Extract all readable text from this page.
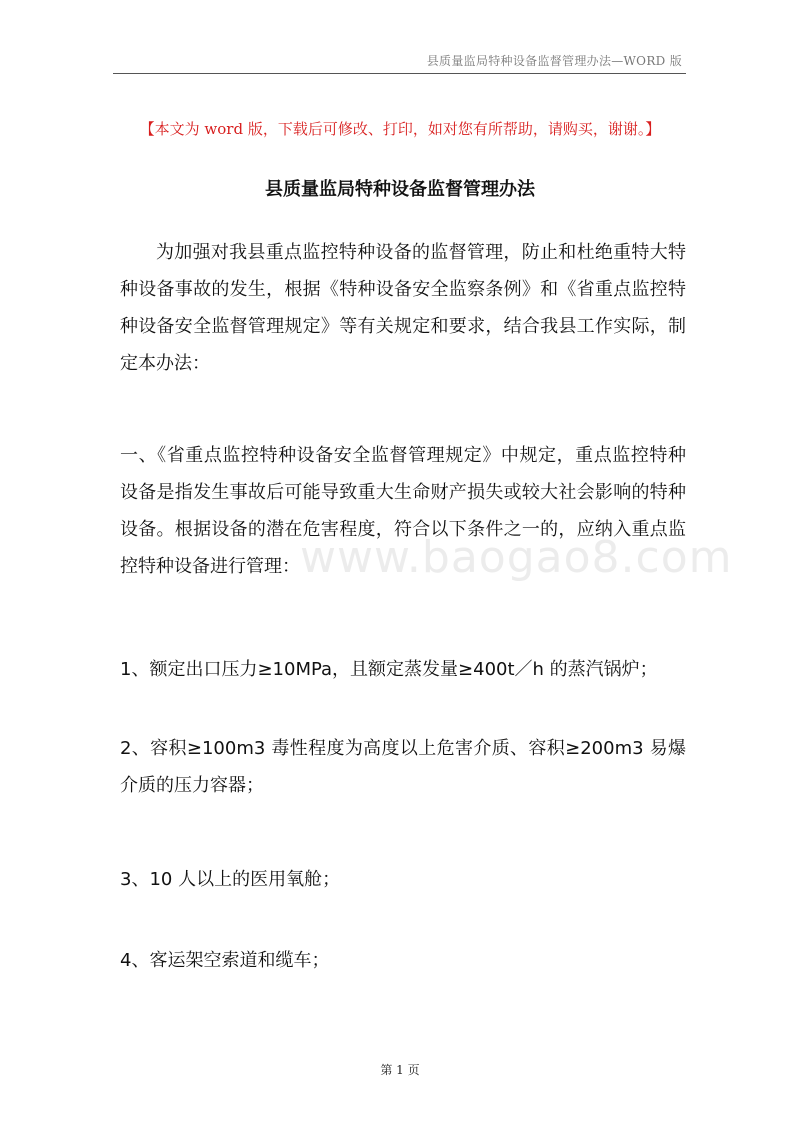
县质量监局特种设备监督管理办法—WORD 版
【本文为 word 版，下载后可修改、打印，如对您有所帮助，请购买，谢谢。】
县质量监局特种设备监督管理办法

为加强对我县重点监控特种设备的监督管理，防止和杜绝重特大特种设备事故的发生，根据《特种设备安全监察条例》和《省重点监控特种设备安全监督管理规定》等有关规定和要求，结合我县工作实际，制定本办法：

www.baogao8.com

一、《省重点监控特种设备安全监督管理规定》中规定，重点监控特种设备是指发生事故后可能导致重大生命财产损失或较大社会影响的特种设备。根据设备的潜在危害程度，符合以下条件之一的，应纳入重点监控特种设备进行管理：

1、额定出口压力≥10MPa，且额定蒸发量≥400t／h 的蒸汽锅炉；

2、容积≥100m3 毒性程度为高度以上危害介质、容积≥200m3 易爆介质的压力容器；

3、10 人以上的医用氧舱；

4、客运架空索道和缆车；

第 1 页
